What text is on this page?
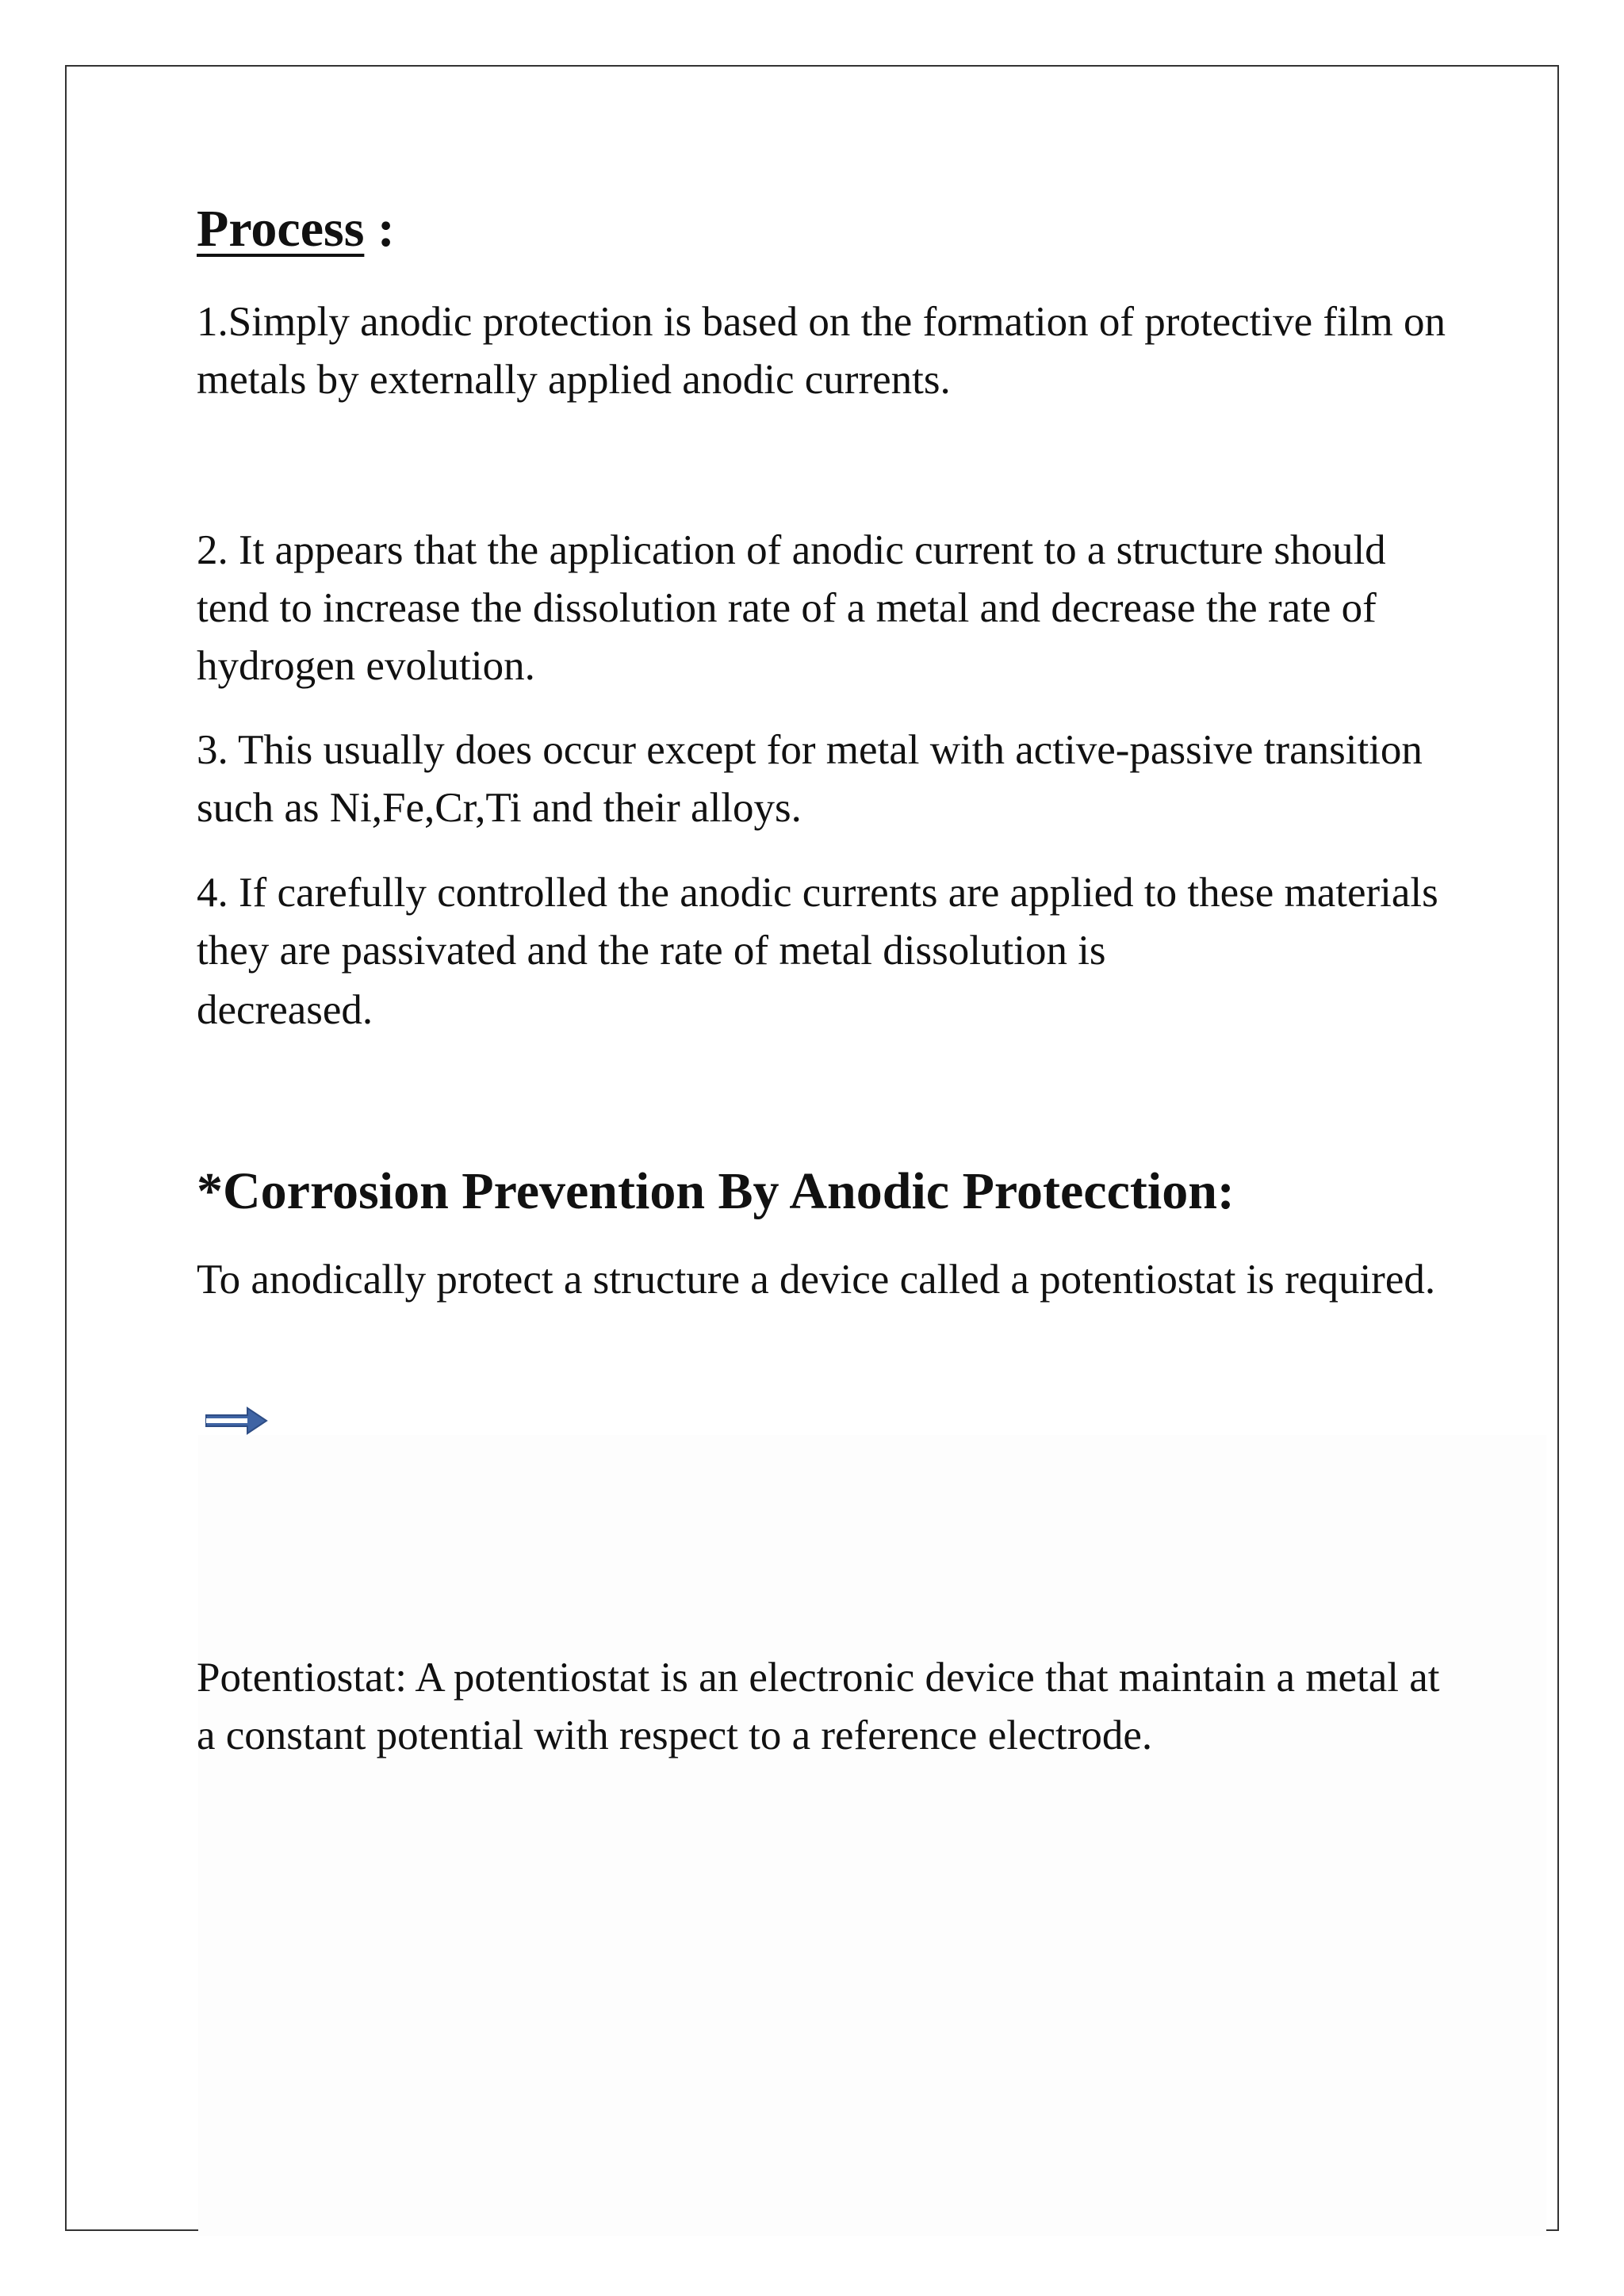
Process :

1.Simply anodic protection is based on the formation of protective film on metals by externally applied anodic currents.

2. It appears that the application of anodic current to a structure should tend to increase the dissolution rate of a metal and decrease the rate of hydrogen evolution.

3. This usually does occur except for metal with active-passive transition such as Ni,Fe,Cr,Ti and their alloys.

4. If carefully controlled the anodic currents are applied to these materials they are passivated and the rate of metal dissolution is
decreased.

*Corrosion Prevention By Anodic Protecction:

To anodically protect a structure a device called a potentiostat is required.

Potentiostat: A potentiostat is an electronic device that maintain a metal at a constant potential with respect to a reference electrode.
